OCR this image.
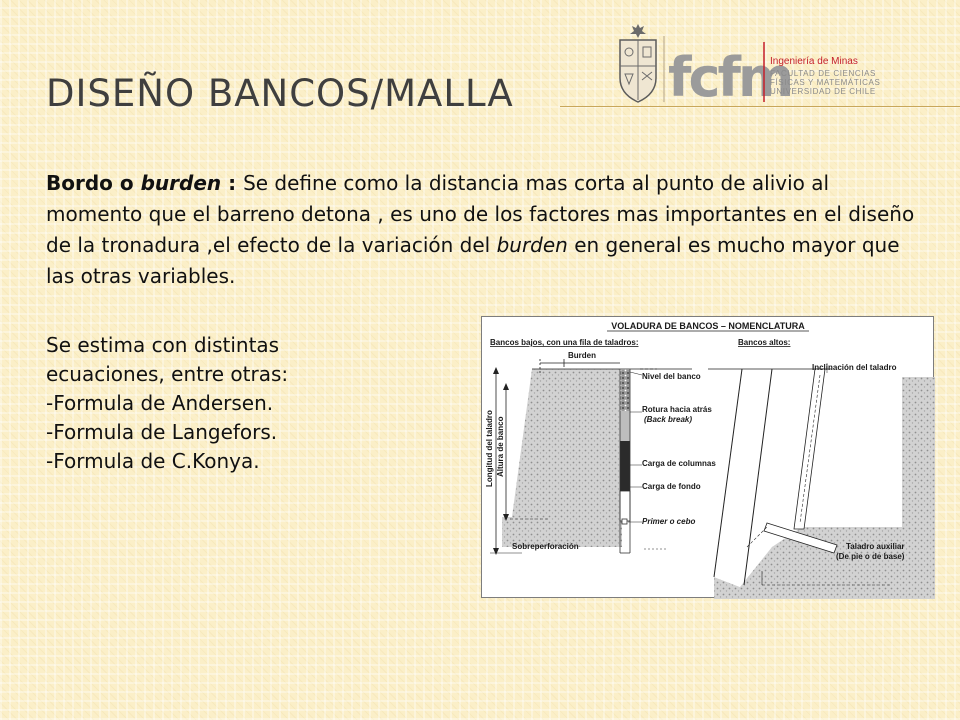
DISEÑO BANCOS/MALLA	fcfm
Ingeniería de Minas
FACULTAD DE CIENCIAS
FÍSICAS Y MATEMÁTICAS
UNIVERSIDAD DE CHILE

Bordo o burden : Se define como la distancia mas corta al punto de alivio al momento que el barreno detona , es uno de los factores mas importantes en el diseño de la tronadura ,el efecto de la variación del burden en general es mucho mayor que las otras variables.

Se estima con distintas
ecuaciones, entre otras:
-Formula de Andersen.
-Formula de Langefors.
-Formula de C.Konya.
VOLADURA DE BANCOS – NOMENCLATURA
Bancos bajos, con una fila de taladros:	Bancos altos:
Burden
Longitud del taladro Altura de banco
Nivel del banco
Rotura hacia atrás
(Back break)
Carga de columnas
Carga de fondo
Primer o cebo
Sobreperforación
Inclinación del taladro
Taladro auxiliar
(De pie o de base)
